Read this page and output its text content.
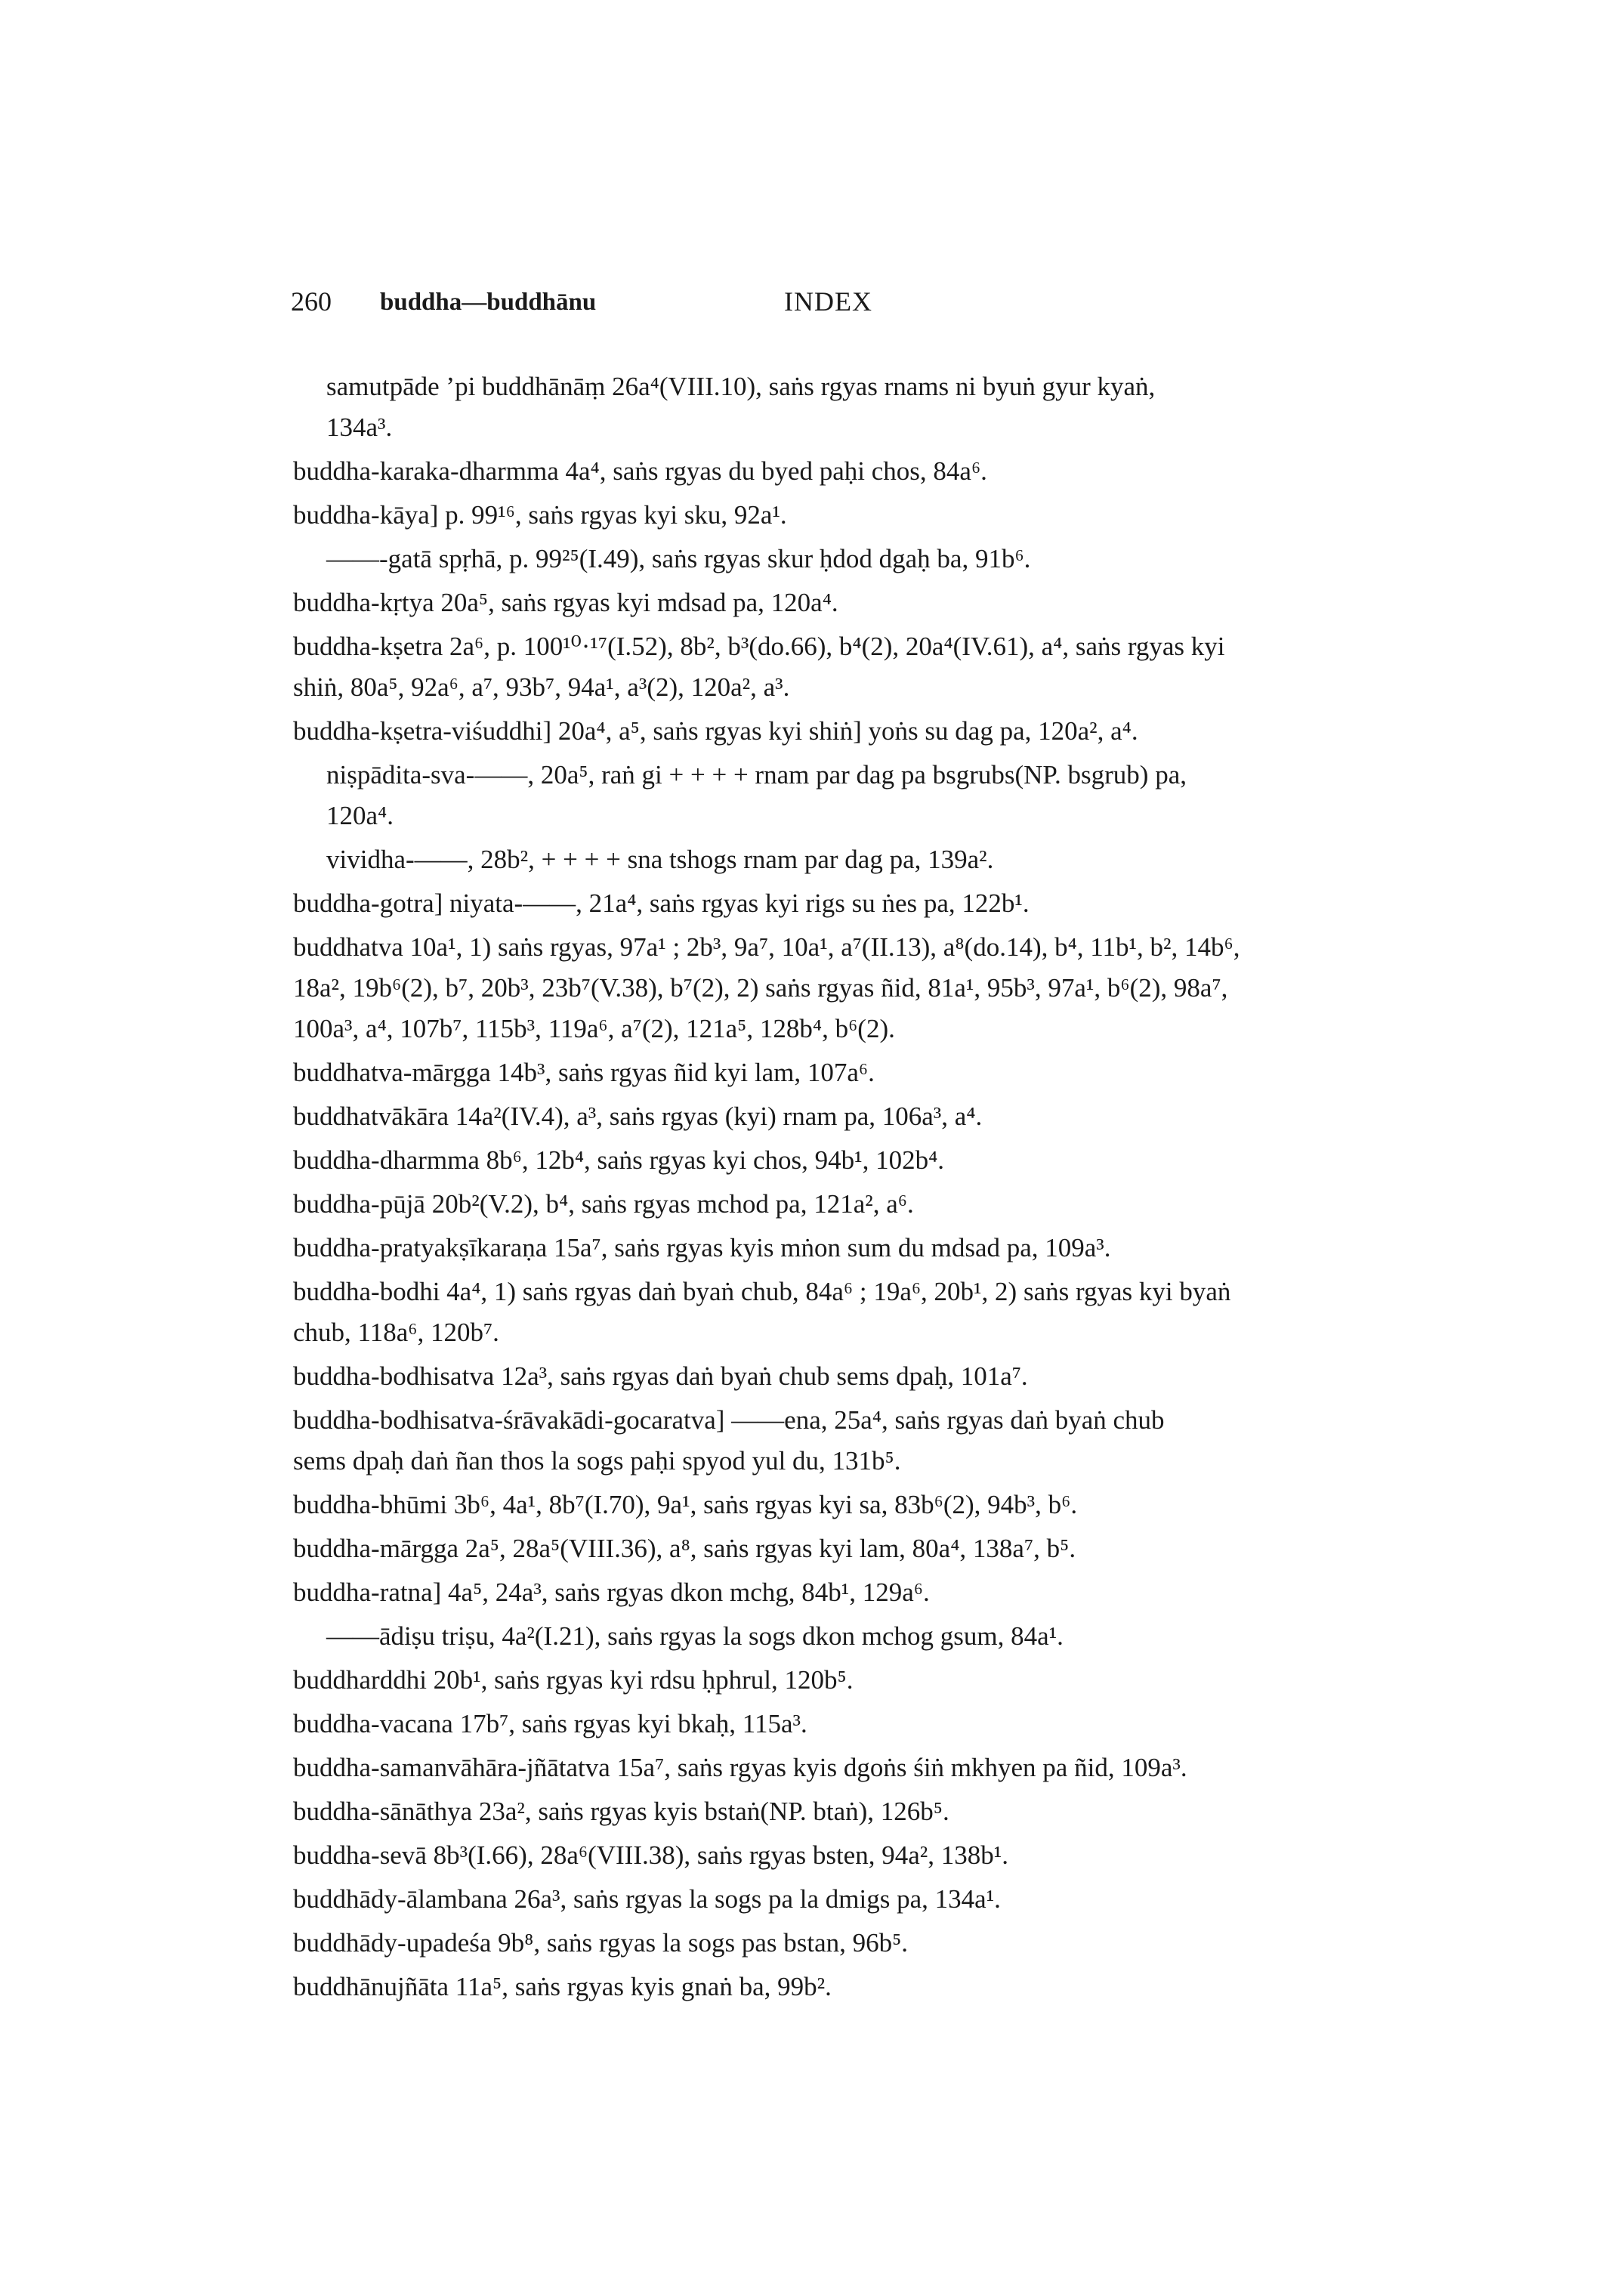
260 buddha—buddhānu	INDEX
samutpāde ’pi buddhānāṃ 26a⁴(VIII.10), saṅs rgyas rnams ni byuṅ gyur kyaṅ,
134a³.
buddha-karaka-dharmma 4a⁴, saṅs rgyas du byed paḥi chos, 84a⁶.
buddha-kāya] p. 99¹⁶, saṅs rgyas kyi sku, 92a¹.
——-gatā spṛhā, p. 99²⁵(I.49), saṅs rgyas skur ḥdod dgaḥ ba, 91b⁶.
buddha-kṛtya 20a⁵, saṅs rgyas kyi mdsad pa, 120a⁴.
buddha-kṣetra 2a⁶, p. 100¹⁰·¹⁷(I.52), 8b², b³(do.66), b⁴(2), 20a⁴(IV.61), a⁴, saṅs rgyas kyi
shiṅ, 80a⁵, 92a⁶, a⁷, 93b⁷, 94a¹, a³(2), 120a², a³.
buddha-kṣetra-viśuddhi] 20a⁴, a⁵, saṅs rgyas kyi shiṅ] yoṅs su dag pa, 120a², a⁴.
niṣpādita-sva-——, 20a⁵, raṅ gi + + + + rnam par dag pa bsgrubs(NP. bsgrub) pa,
120a⁴.
vividha-——, 28b², + + + + sna tshogs rnam par dag pa, 139a².
buddha-gotra] niyata-——, 21a⁴, saṅs rgyas kyi rigs su ṅes pa, 122b¹.
buddhatva 10a¹, 1) saṅs rgyas, 97a¹ ; 2b³, 9a⁷, 10a¹, a⁷(II.13), a⁸(do.14), b⁴, 11b¹, b², 14b⁶,
18a², 19b⁶(2), b⁷, 20b³, 23b⁷(V.38), b⁷(2), 2) saṅs rgyas ñid, 81a¹, 95b³, 97a¹, b⁶(2), 98a⁷,
100a³, a⁴, 107b⁷, 115b³, 119a⁶, a⁷(2), 121a⁵, 128b⁴, b⁶(2).
buddhatva-mārgga 14b³, saṅs rgyas ñid kyi lam, 107a⁶.
buddhatvākāra 14a²(IV.4), a³, saṅs rgyas (kyi) rnam pa, 106a³, a⁴.
buddha-dharmma 8b⁶, 12b⁴, saṅs rgyas kyi chos, 94b¹, 102b⁴.
buddha-pūjā 20b²(V.2), b⁴, saṅs rgyas mchod pa, 121a², a⁶.
buddha-pratyakṣīkaraṇa 15a⁷, saṅs rgyas kyis mṅon sum du mdsad pa, 109a³.
buddha-bodhi 4a⁴, 1) saṅs rgyas daṅ byaṅ chub, 84a⁶ ; 19a⁶, 20b¹, 2) saṅs rgyas kyi byaṅ
chub, 118a⁶, 120b⁷.
buddha-bodhisatva 12a³, saṅs rgyas daṅ byaṅ chub sems dpaḥ, 101a⁷.
buddha-bodhisatva-śrāvakādi-gocaratva] ——ena, 25a⁴, saṅs rgyas daṅ byaṅ chub
sems dpaḥ daṅ ñan thos la sogs paḥi spyod yul du, 131b⁵.
buddha-bhūmi 3b⁶, 4a¹, 8b⁷(I.70), 9a¹, saṅs rgyas kyi sa, 83b⁶(2), 94b³, b⁶.
buddha-mārgga 2a⁵, 28a⁵(VIII.36), a⁸, saṅs rgyas kyi lam, 80a⁴, 138a⁷, b⁵.
buddha-ratna] 4a⁵, 24a³, saṅs rgyas dkon mchg, 84b¹, 129a⁶.
——ādiṣu triṣu, 4a²(I.21), saṅs rgyas la sogs dkon mchog gsum, 84a¹.
buddharddhi 20b¹, saṅs rgyas kyi rdsu ḥphrul, 120b⁵.
buddha-vacana 17b⁷, saṅs rgyas kyi bkaḥ, 115a³.
buddha-samanvāhāra-jñātatva 15a⁷, saṅs rgyas kyis dgoṅs śiṅ mkhyen pa ñid, 109a³.
buddha-sānāthya 23a², saṅs rgyas kyis bstaṅ(NP. btaṅ), 126b⁵.
buddha-sevā 8b³(I.66), 28a⁶(VIII.38), saṅs rgyas bsten, 94a², 138b¹.
buddhādy-ālambana 26a³, saṅs rgyas la sogs pa la dmigs pa, 134a¹.
buddhādy-upadeśa 9b⁸, saṅs rgyas la sogs pas bstan, 96b⁵.
buddhānujñāta 11a⁵, saṅs rgyas kyis gnaṅ ba, 99b².
